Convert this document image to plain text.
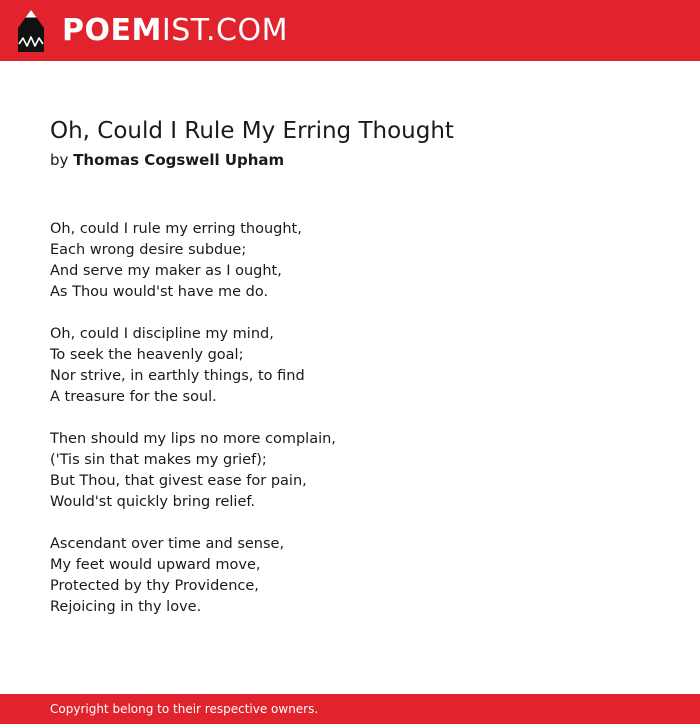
POEMIST.COM
Oh, Could I Rule My Erring Thought

by Thomas Cogswell Upham

Oh, could I rule my erring thought,
Each wrong desire subdue;
And serve my maker as I ought,
As Thou would'st have me do.
Oh, could I discipline my mind,
To seek the heavenly goal;
Nor strive, in earthly things, to find
A treasure for the soul.
Then should my lips no more complain,
('Tis sin that makes my grief);
But Thou, that givest ease for pain,
Would'st quickly bring relief.
Ascendant over time and sense,
My feet would upward move,
Protected by thy Providence,
Rejoicing in thy love.
Copyright belong to their respective owners.
